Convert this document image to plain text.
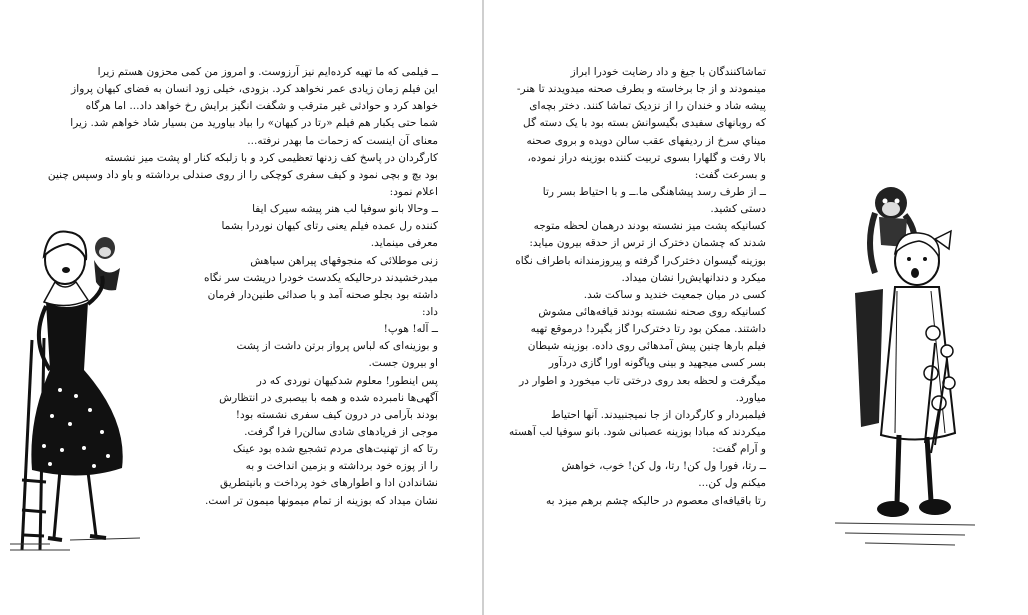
ــ فیلمی که ما تهیه کرده‌ایم نیز آرزوست. و امروز من کمی محزون هستم زیرا
این فیلم زمان زیادی عمر نخواهد کرد. بزودی، خیلی زود انسان به فضای کیهان پرواز
خواهد کرد و حوادثی غیر مترقب و شگفت انگیز برایش رخ خواهد داد... اما هرگاه
شما حتی یکبار هم فیلم «رتا در کیهان» را بیاد بیاورید من بسیار شاد خواهم شد. زیرا
معنای آن اینست که زحمات ما بهدر نرفته...
کارگردان در پاسخ کف زدنها تعظیمی کرد و با زلبکه کنار او پشت میز نشسته
بود بچ و بچی نمود و کیف سفری کوچکی را از روی صندلی برداشته و باو داد وسپس چنین
اعلام نمود:
ــ وحالا بانو سوفیا لب هنر پیشه سیرک ایفا
کننده رل عمده فیلم یعنی رتای کیهان نوردرا بشما
معرفی مینماید.
زنی موطلائی که منجوقهای پیراهن سیاهش
میدرخشیدند درحالیکه یکدست خودرا دریشت سر نگاه
داشته بود بجلو صحنه آمد و با صدائی طنین‌دار فرمان
داد:
ــ آله! هوپ!
و بوزینه‌ای که لباس پرواز برتن داشت از پشت
او بیرون جست.
پس اینطور! معلوم شدکیهان نوردی که در
آگهی‌ها نامبرده شده و همه با بیصبری در انتظارش
بودند بآرامی در درون کیف سفری نشسته بود!
موجی از فریادهای شادی سالن‌را فرا گرفت.
رتا که از تهنیت‌های مردم تشجیع شده بود عینک
را از پوزه خود برداشته و بزمین انداخت و به
نشاندادن ادا و اطوارهای خود پرداخت و بانیتطریق
نشان میداد که بوزینه از تمام میمونها میمون تر است.
تماشاکنندگان با جیغ و داد رضایت خودرا ابراز
مینمودند و از جا برخاسته و بطرف صحنه میدویدند تا هنر-
پیشه شاد و خندان را از نزدیک تماشا کنند. دختر بچه‌ای
که روبانهای سفیدی بگیسوانش بسته بود با یک دسته گل
میناي سرخ از ردیفهای عقب سالن دویده و بروی صحنه
بالا رفت و گلهارا بسوی تربیت کننده بوزینه دراز نموده،
و بسرعت گفت:
ــ از طرف رسد پیشاهنگی ما.ــ و با احتیاط بسر رتا
دستی کشید.
کسانیکه پشت میز نشسته بودند درهمان لحظه متوجه
شدند که چشمان دخترک از ترس از حدقه بیرون میاید:
بوزینه گیسوان دخترک‌را گرفته و پیروزمندانه باطراف نگاه
میکرد و دندانهایش‌را نشان میداد.
کسی در میان جمعیت خندید و ساکت شد.
کسانیکه روی صحنه نشسته بودند قیافه‌هائی مشوش
داشتند. ممکن بود رتا دخترک‌را گاز بگیرد! درموقع تهیه
فیلم بارها چنین پیش آمدهائی روی داده. بوزینه شیطان
بسر کسی میجهید و بینی ویاگونه اورا گازی دردآور
میگرفت و لحظه بعد روی درختی تاب میخورد و اطوار در
میاورد.
فیلمبردار و کارگردان از جا نمیجنبیدند. آنها احتیاط
میکردند که مبادا بوزینه عصبانی شود. بانو سوفیا لب آهسته
و آرام گفت:
ــ رتا، فورا ول کن! رتا، ول کن! خوب، خواهش
میکنم ول کن...
رتا باقیافه‌ای معصوم در حالیکه چشم برهم میزد به
